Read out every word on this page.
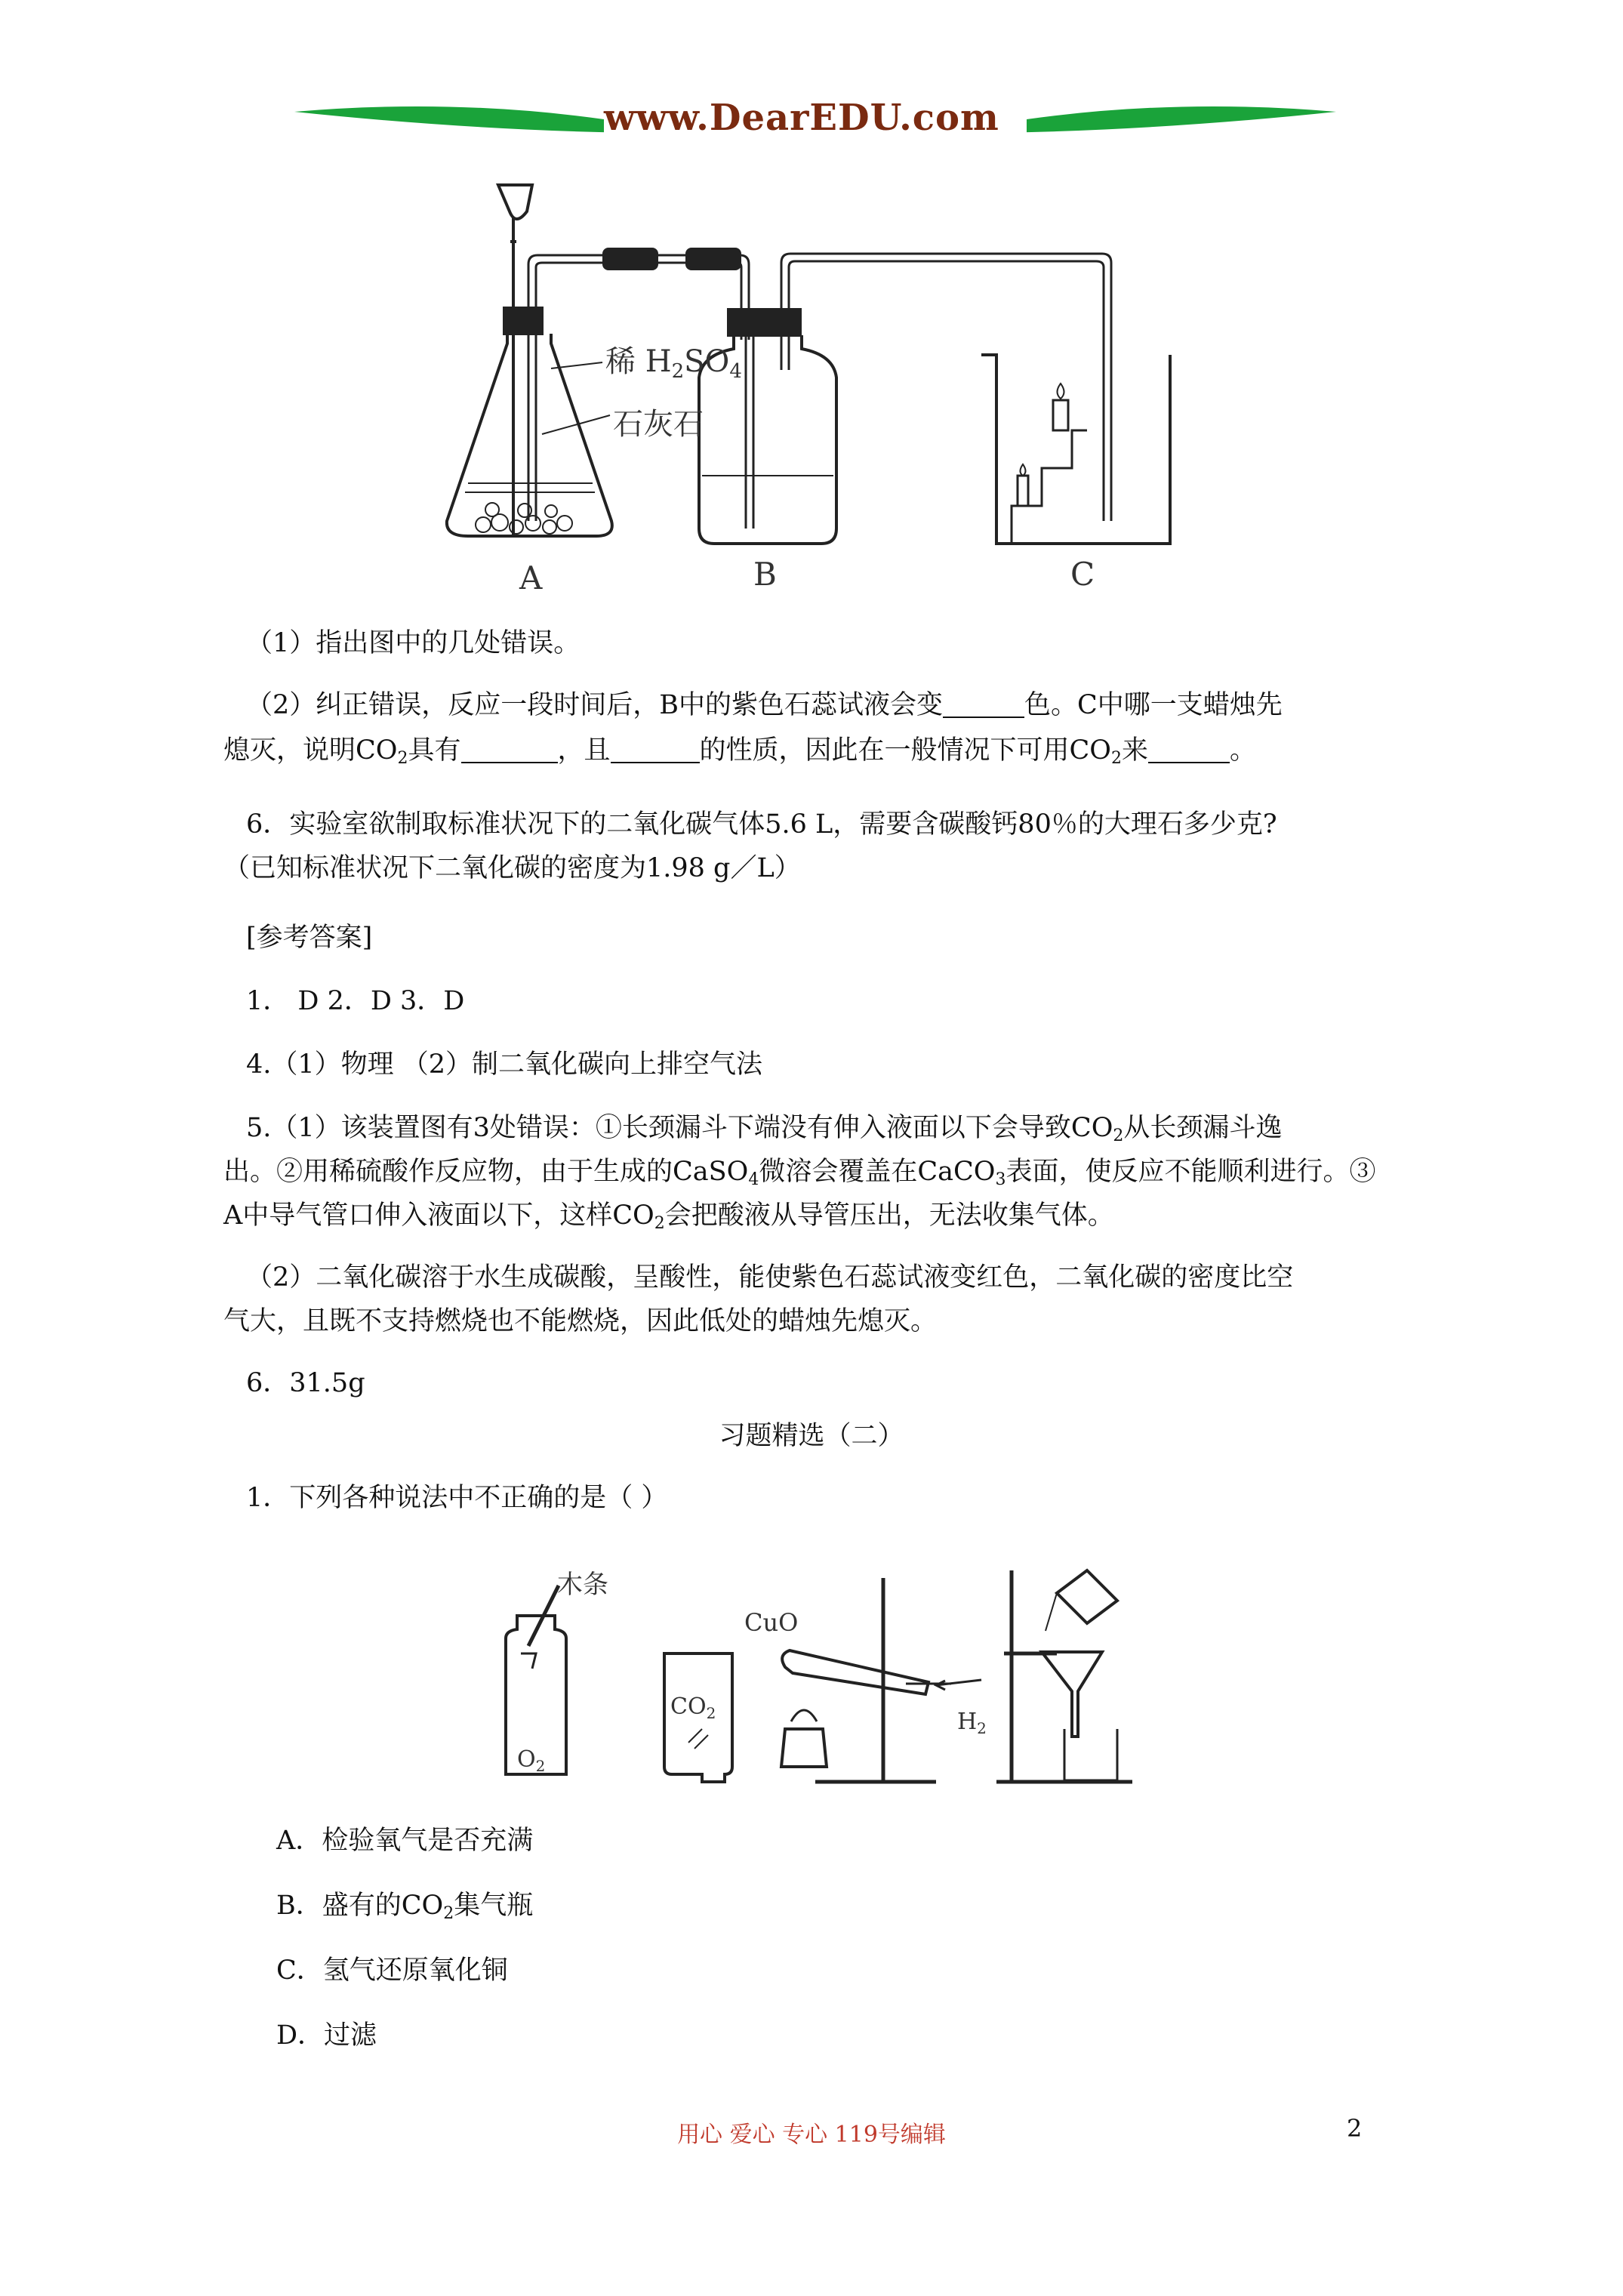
www.DearEDU.com
稀 $H_2SO_4$
石灰石
A	B	C
（1）指出图中的几处错误。
（2）纠正错误，反应一段时间后，B中的紫色石蕊试液会变	色。C中哪一支蜡烛先
熄灭，说明$CO_2$具有	，且	的性质，因此在一般情况下可用$CO_2$来	。
6．实验室欲制取标准状况下的二氧化碳气体5.6 L，需要含碳酸钙80％的大理石多少克?
（已知标准状况下二氧化碳的密度为1.98 g／L）
[参考答案]
1． D 2．D 3．D
4.（1）物理 （2）制二氧化碳向上排空气法
5.（1）该装置图有3处错误：①长颈漏斗下端没有伸入液面以下会导致$CO_2$从长颈漏斗逸
出。②用稀硫酸作反应物，由于生成的CaSO$_4$微溶会覆盖在CaCO$_3$表面，使反应不能顺利进行。③
A中导气管口伸入液面以下，这样$CO_2$会把酸液从导管压出，无法收集气体。
（2）二氧化碳溶于水生成碳酸，呈酸性，能使紫色石蕊试液变红色，二氧化碳的密度比空
气大，且既不支持燃烧也不能燃烧，因此低处的蜡烛先熄灭。
6．31.5g
习题精选（二）
1．下列各种说法中不正确的是（ ）
木条
$O_2$
$CO_2$
CuO
$H_2$
A．检验氧气是否充满
B．盛有的$CO_2$集气瓶
C．氢气还原氧化铜
D．过滤
用心 爱心 专心 119号编辑	2
